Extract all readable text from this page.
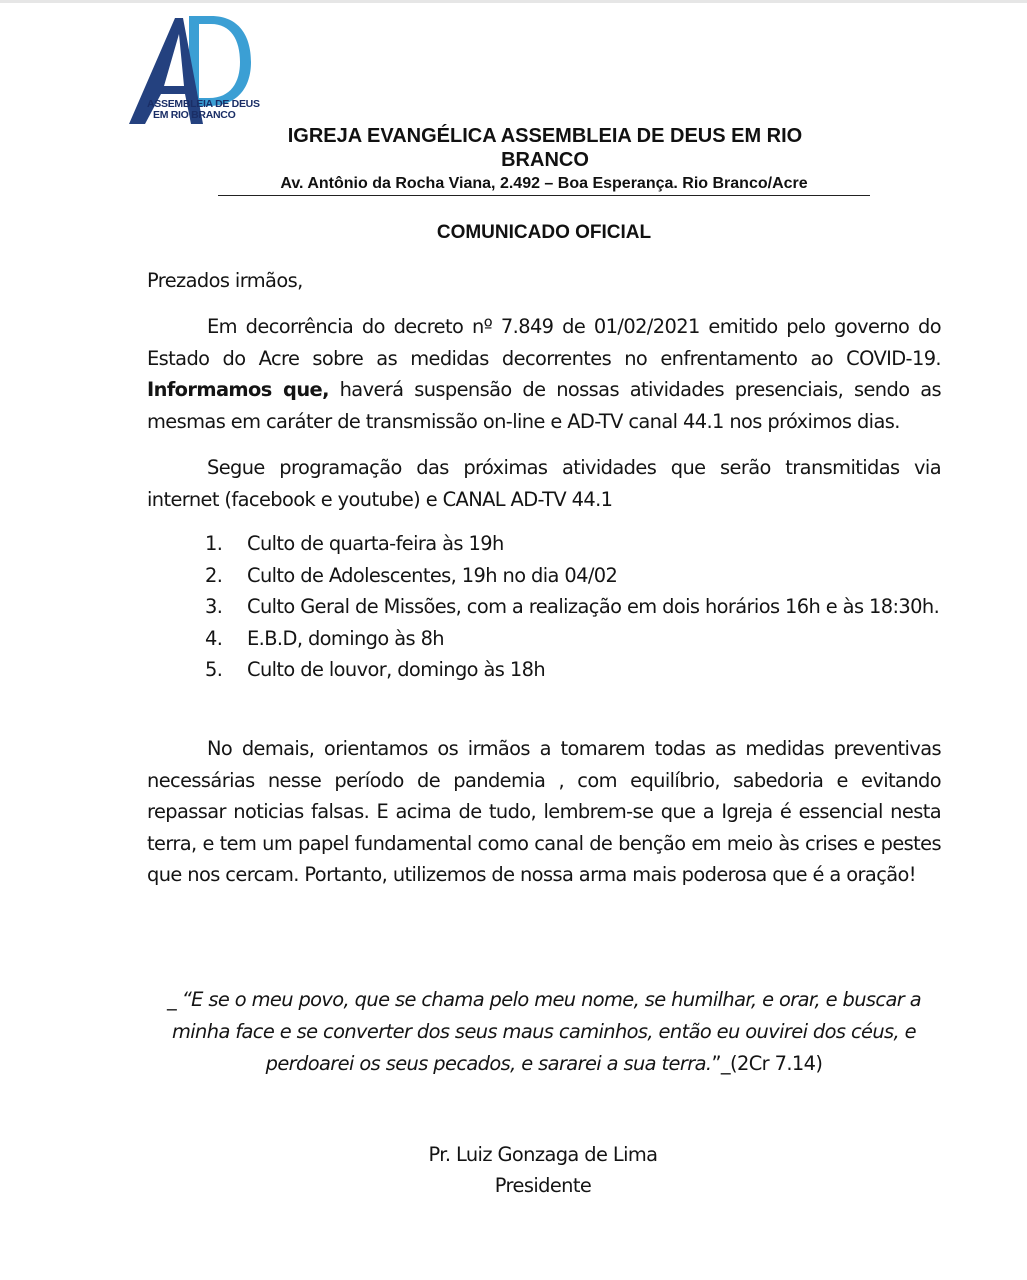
ASSEMBLEIA DE DEUS
EM RIO BRANCO
IGREJA EVANGÉLICA ASSEMBLEIA DE DEUS EM RIO BRANCO
Av. Antônio da Rocha Viana, 2.492 – Boa Esperança. Rio Branco/Acre
COMUNICADO OFICIAL
Prezados irmãos,
Em decorrência do decreto nº 7.849 de 01/02/2021 emitido pelo governo do Estado do Acre sobre as medidas decorrentes no enfrentamento ao COVID-19. Informamos que, haverá suspensão de nossas atividades presenciais, sendo as mesmas em caráter de transmissão on-line e AD-TV canal 44.1 nos próximos dias.
Segue programação das próximas atividades que serão transmitidas via internet (facebook e youtube) e CANAL AD-TV 44.1
1. Culto de quarta-feira às 19h
2. Culto de Adolescentes, 19h no dia 04/02
3. Culto Geral de Missões, com a realização em dois horários 16h e às 18:30h.
4. E.B.D, domingo às 8h
5. Culto de louvor, domingo às 18h
No demais, orientamos os irmãos a tomarem todas as medidas preventivas necessárias nesse período de pandemia , com equilíbrio, sabedoria e evitando repassar noticias falsas. E acima de tudo, lembrem-se que a Igreja é essencial nesta terra, e tem um papel fundamental como canal de benção em meio às crises e pestes que nos cercam. Portanto, utilizemos de nossa arma mais poderosa que é a oração!
_ “E se o meu povo, que se chama pelo meu nome, se humilhar, e orar, e buscar a minha face e se converter dos seus maus caminhos, então eu ouvirei dos céus, e perdoarei os seus pecados, e sararei a sua terra.”_(2Cr 7.14)
Pr. Luiz Gonzaga de Lima
Presidente
